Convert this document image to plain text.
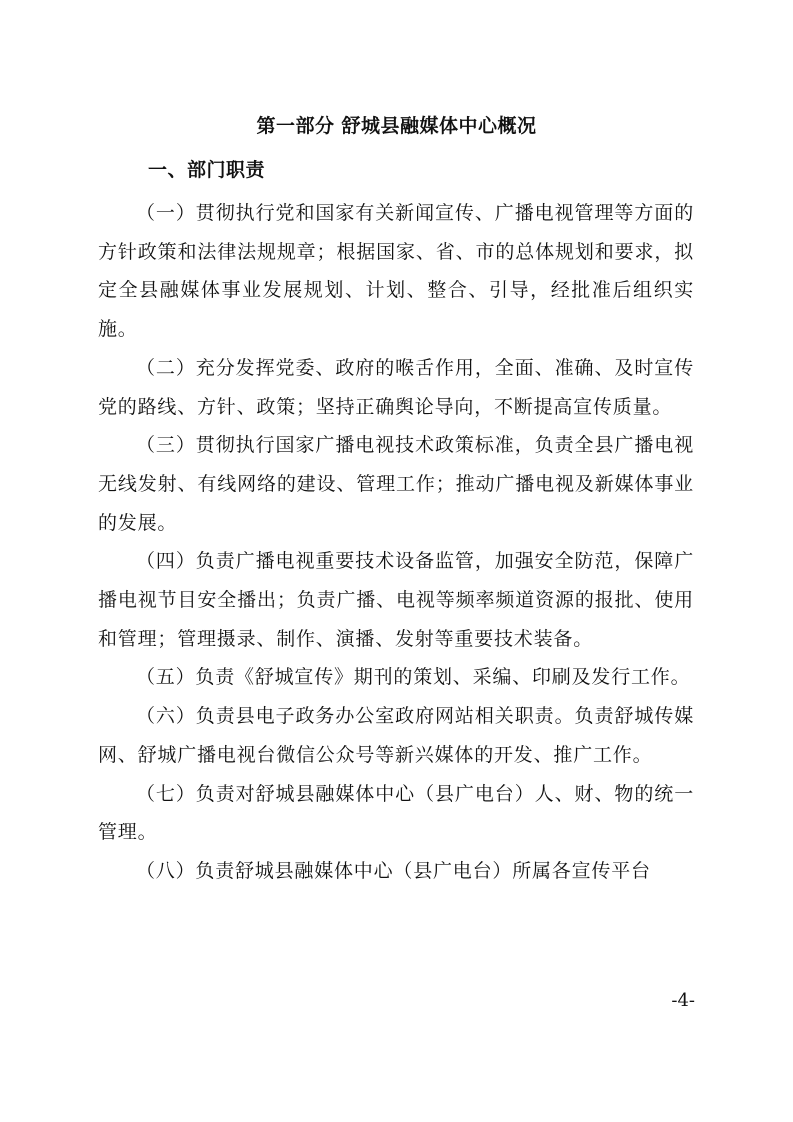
第一部分 舒城县融媒体中心概况
一、部门职责

（一）贯彻执行党和国家有关新闻宣传、广播电视管理等方面的方针政策和法律法规规章；根据国家、省、市的总体规划和要求，拟定全县融媒体事业发展规划、计划、整合、引导，经批准后组织实施。

（二）充分发挥党委、政府的喉舌作用，全面、准确、及时宣传党的路线、方针、政策；坚持正确舆论导向，不断提高宣传质量。

（三）贯彻执行国家广播电视技术政策标准，负责全县广播电视无线发射、有线网络的建设、管理工作；推动广播电视及新媒体事业的发展。

（四）负责广播电视重要技术设备监管，加强安全防范，保障广播电视节目安全播出；负责广播、电视等频率频道资源的报批、使用和管理；管理摄录、制作、演播、发射等重要技术装备。

（五）负责《舒城宣传》期刊的策划、采编、印刷及发行工作。

（六）负责县电子政务办公室政府网站相关职责。负责舒城传媒网、舒城广播电视台微信公众号等新兴媒体的开发、推广工作。

（七）负责对舒城县融媒体中心（县广电台）人、财、物的统一管理。

（八）负责舒城县融媒体中心（县广电台）所属各宣传平台

-4-
